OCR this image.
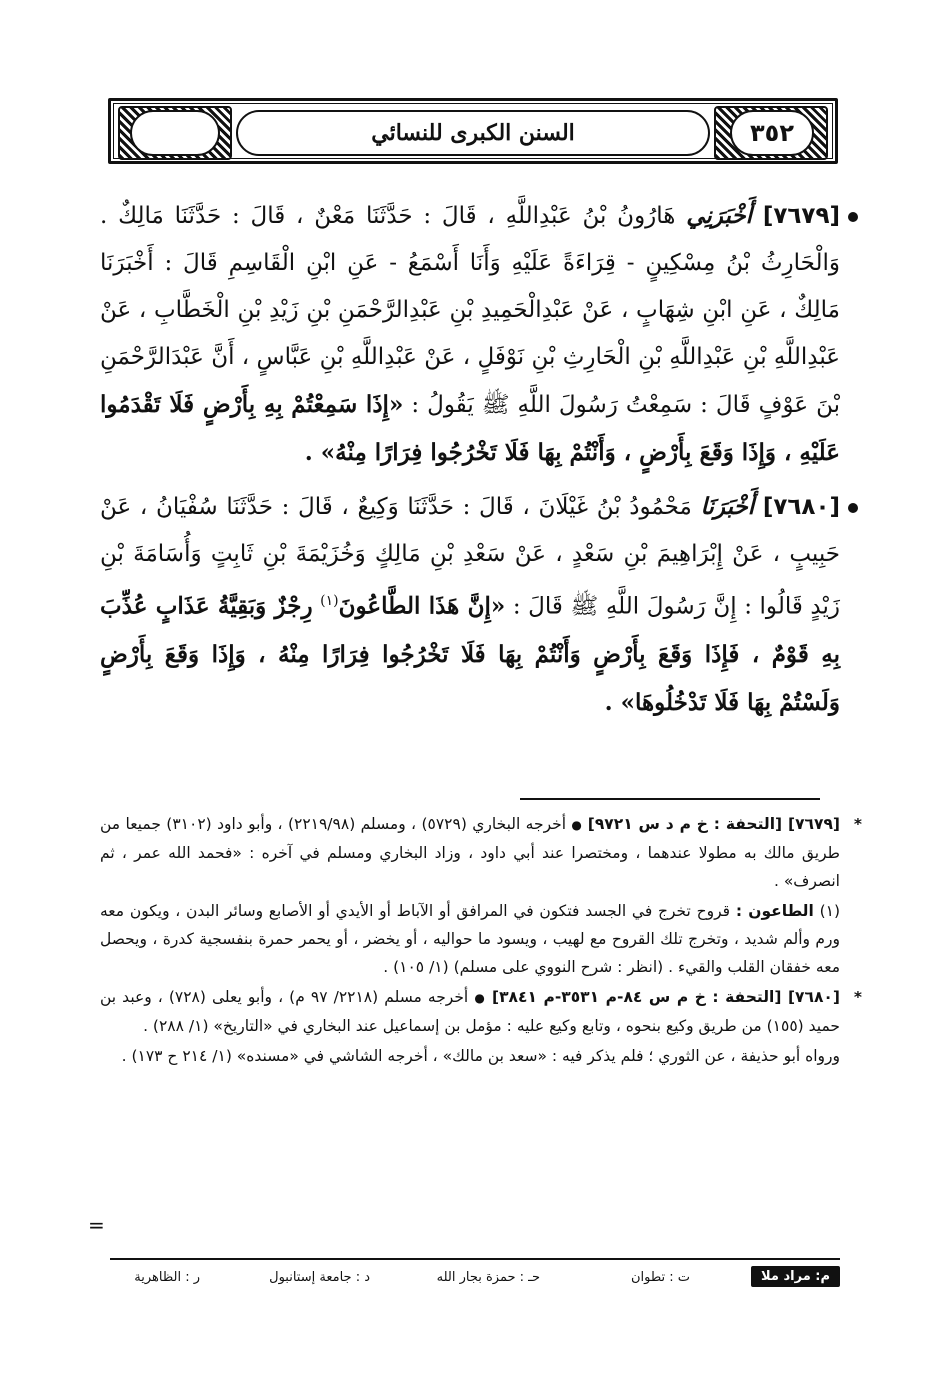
السنن الكبرى للنسائي	٣٥٢
[٧٦٧٩] أَخْبَرَنِي هَارُونُ بْنُ عَبْدِاللَّهِ ، قَالَ : حَدَّثَنَا مَعْنٌ ، قَالَ : حَدَّثَنَا مَالِكٌ . وَالْحَارِثُ بْنُ مِسْكِينٍ - قِرَاءَةً عَلَيْهِ وَأَنَا أَسْمَعُ - عَنِ ابْنِ الْقَاسِمِ قَالَ : أَخْبَرَنَا مَالِكٌ ، عَنِ ابْنِ شِهَابٍ ، عَنْ عَبْدِالْحَمِيدِ بْنِ عَبْدِالرَّحْمَنِ بْنِ زَيْدِ بْنِ الْخَطَّابِ ، عَنْ عَبْدِاللَّهِ بْنِ عَبْدِاللَّهِ بْنِ الْحَارِثِ بْنِ نَوْفَلٍ ، عَنْ عَبْدِاللَّهِ بْنِ عَبَّاسٍ ، أَنَّ عَبْدَالرَّحْمَنِ بْنَ عَوْفٍ قَالَ : سَمِعْتُ رَسُولَ اللَّهِ ﷺ يَقُولُ : «إِذَا سَمِعْتُمْ بِهِ بِأَرْضٍ فَلَا تَقْدَمُوا عَلَيْهِ ، وَإِذَا وَقَعَ بِأَرْضٍ ، وَأَنْتُمْ بِهَا فَلَا تَخْرُجُوا فِرَارًا مِنْهُ» .
[٧٦٨٠] أَخْبَرَنَا مَحْمُودُ بْنُ غَيْلَانَ ، قَالَ : حَدَّثَنَا وَكِيعٌ ، قَالَ : حَدَّثَنَا سُفْيَانُ ، عَنْ حَبِيبٍ ، عَنْ إِبْرَاهِيمَ بْنِ سَعْدٍ ، عَنْ سَعْدِ بْنِ مَالِكٍ وَخُزَيْمَةَ بْنِ ثَابِتٍ وَأُسَامَةَ بْنِ زَيْدٍ قَالُوا : إِنَّ رَسُولَ اللَّهِ ﷺ قَالَ : «إِنَّ هَذَا الطَّاعُونَ$^{(١)}$ رِجْزٌ وَبَقِيَّةُ عَذَابٍ عُذِّبَ بِهِ قَوْمٌ ، فَإِذَا وَقَعَ بِأَرْضٍ وَأَنْتُمْ بِهَا فَلَا تَخْرُجُوا فِرَارًا مِنْهُ ، وَإِذَا وَقَعَ بِأَرْضٍ وَلَسْتُمْ بِهَا فَلَا تَدْخُلُوهَا» .
*
[٧٦٧٩] [التحفة : خ م د س ٩٧٢١] ● أخرجه البخاري (٥٧٢٩) ، ومسلم (٢٢١٩/٩٨) ، وأبو داود (٣١٠٢) جميعا من طريق مالك به مطولا عندهما ، ومختصرا عند أبي داود ، وزاد البخاري ومسلم في آخره : «فحمد الله عمر ، ثم انصرف» .
(١) الطاعون : قروح تخرج في الجسد فتكون في المرافق أو الآباط أو الأيدي أو الأصابع وسائر البدن ، ويكون معه ورم وألم شديد ، وتخرج تلك القروح مع لهيب ، ويسود ما حواليه ، أو يخضر ، أو يحمر حمرة بنفسجية كدرة ، ويحصل معه خفقان القلب والقيء . (انظر : شرح النووي على مسلم) (١/ ١٠٥) .
*
[٧٦٨٠] [التحفة : خ م س ٨٤-م ٣٥٣١-م ٣٨٤١] ● أخرجه مسلم (٢٢١٨/ ٩٧ م) ، وأبو يعلى (٧٢٨) ، وعبد بن حميد (١٥٥) من طريق وكيع بنحوه ، وتابع وكيع عليه : مؤمل بن إسماعيل عند البخاري في «التاريخ» (١/ ٢٨٨) .
ورواه أبو حذيفة ، عن الثوري ؛ فلم يذكر فيه : «سعد بن مالك» ، أخرجه الشاشي في «مسنده» (١/ ٢١٤ ح ١٧٣) .
=
م: مراد ملا
ت : تطوان
حـ : حمزة بجار الله
د : جامعة إستانبول
ر : الظاهرية
